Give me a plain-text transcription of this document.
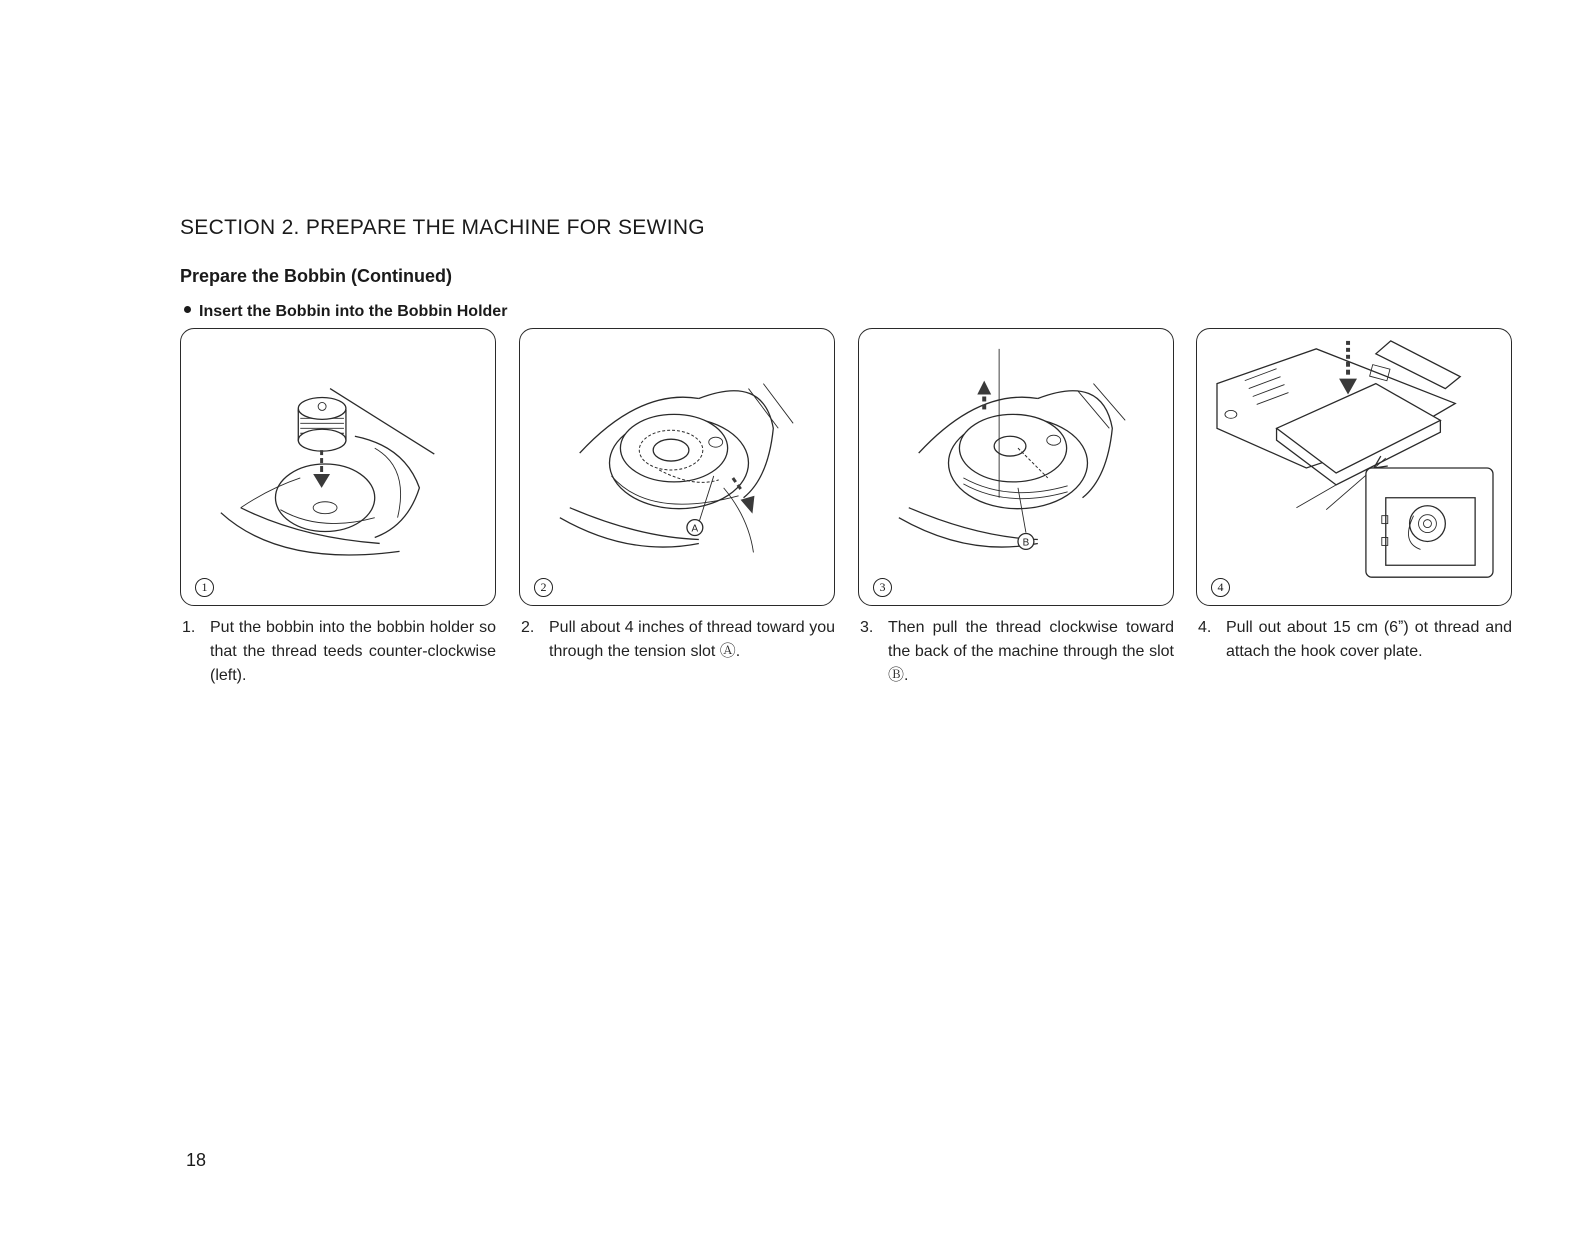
SECTION 2. PREPARE THE MACHINE FOR SEWING
Prepare the Bobbin (Continued)
Insert the Bobbin into the Bobbin Holder
1
A
2
B
3	4
1. Put the bobbin into the bobbin holder so that the thread teeds counter-clockwise (left).
2. Pull about 4 inches of thread toward you through the tension slot Ⓐ.
3. Then pull the thread clockwise toward the back of the machine through the slot Ⓑ.
4. Pull out about 15 cm (6ˮ) ot thread and attach the hook cover plate.
18
